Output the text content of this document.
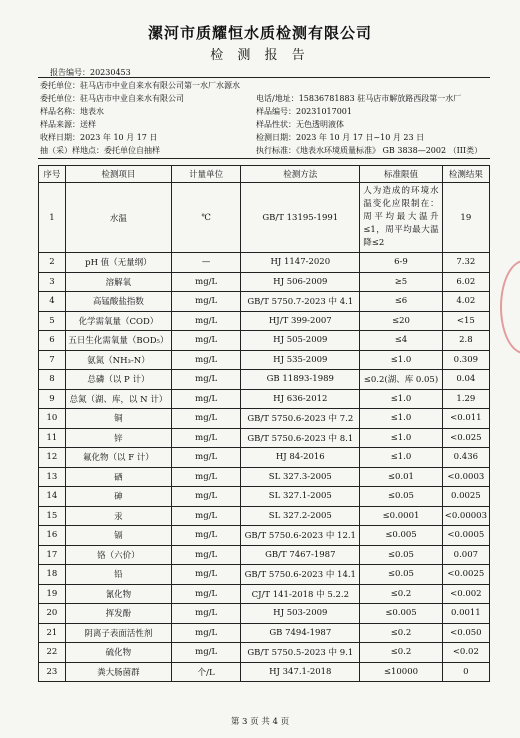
漯河市质耀恒水质检测有限公司
检 测 报 告
报告编号：20230453
委托单位：驻马店市中业自来水有限公司第一水厂水源水
委托单位：驻马店市中业自来水有限公司
样品名称：地表水
样品来源：送样
收样日期：2023 年 10 月 17 日
抽（采）样地点：委托单位自抽样
电话/地址：15836781883 驻马店市解放路西段第一水厂
样品编号：20231017001
样品性状：无色透明液体
检测日期：2023 年 10 月 17 日~10 月 23 日
执行标准：《地表水环境质量标准》 GB 3838—2002 （III类）
序号	检测项目	计量单位	检测方法	标准限值	检测结果
1	水温	℃	GB/T 13195-1991	人为造成的环境水温变化应限制在：周平均最大温升≤1，周平均最大温降≤2	19
2	pH 值（无量纲）	—	HJ 1147-2020	6-9	7.32
3	溶解氧	mg/L	HJ 506-2009	≥5	6.02
4	高锰酸盐指数	mg/L	GB/T 5750.7-2023 中 4.1	≤6	4.02
5	化学需氧量（COD）	mg/L	HJ/T 399-2007	≤20	<15
6	五日生化需氧量（BOD₅）	mg/L	HJ 505-2009	≤4	2.8
7	氨氮（NH₃-N）	mg/L	HJ 535-2009	≤1.0	0.309
8	总磷（以 P 计）	mg/L	GB 11893-1989	≤0.2(湖、库 0.05)	0.04
9	总氮（湖、库，以 N 计）	mg/L	HJ 636-2012	≤1.0	1.29
10	铜	mg/L	GB/T 5750.6-2023 中 7.2	≤1.0	<0.011
11	锌	mg/L	GB/T 5750.6-2023 中 8.1	≤1.0	<0.025
12	氟化物（以 F 计）	mg/L	HJ 84-2016	≤1.0	0.436
13	硒	mg/L	SL 327.3-2005	≤0.01	<0.0003
14	砷	mg/L	SL 327.1-2005	≤0.05	0.0025
15	汞	mg/L	SL 327.2-2005	≤0.0001	<0.00003
16	镉	mg/L	GB/T 5750.6-2023 中 12.1	≤0.005	<0.0005
17	铬（六价）	mg/L	GB/T 7467-1987	≤0.05	0.007
18	铅	mg/L	GB/T 5750.6-2023 中 14.1	≤0.05	<0.0025
19	氰化物	mg/L	CJ/T 141-2018 中 5.2.2	≤0.2	<0.002
20	挥发酚	mg/L	HJ 503-2009	≤0.005	0.0011
21	阴离子表面活性剂	mg/L	GB 7494-1987	≤0.2	<0.050
22	硫化物	mg/L	GB/T 5750.5-2023 中 9.1	≤0.2	<0.02
23	粪大肠菌群	个/L	HJ 347.1-2018	≤10000	0
第 3 页 共 4 页
